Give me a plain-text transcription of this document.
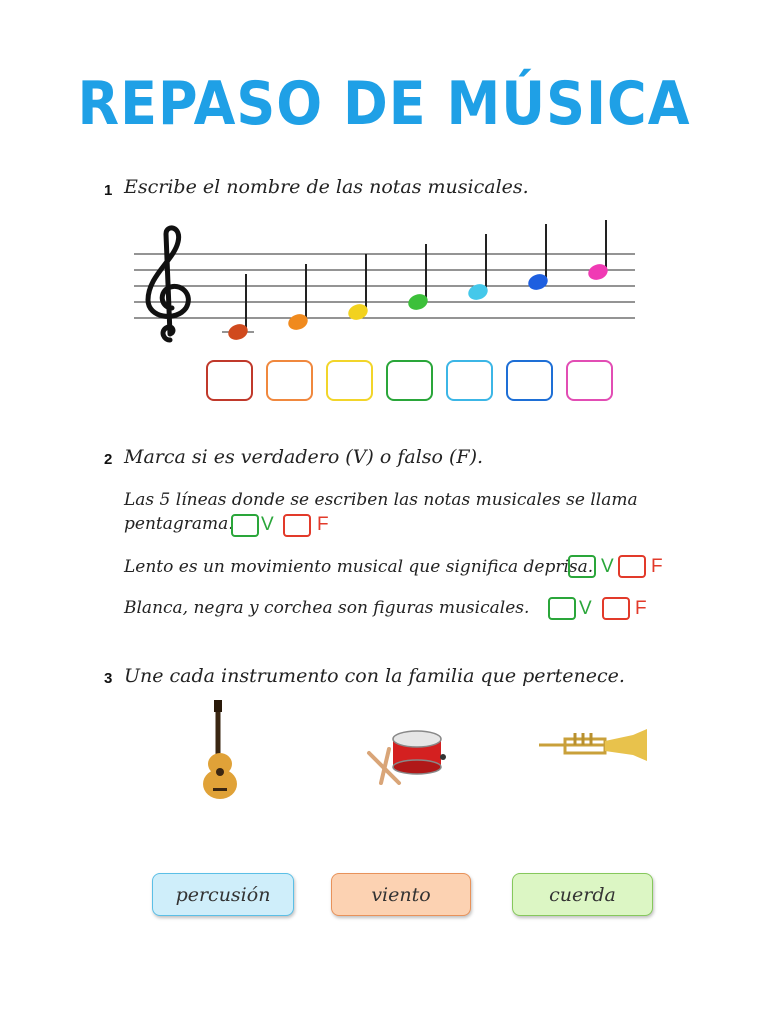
REPASO DE MÚSICA
1 Escribe el nombre de las notas musicales.
2 Marca si es verdadero (V) o falso (F).
Las 5 líneas donde se escriben las notas musicales se llama
pentagrama. V F
Lento es un movimiento musical que significa deprisa. V F
Blanca, negra y corchea son figuras musicales.	V F
3 Une cada instrumento con la familia que pertenece.
percusión	viento	cuerda
